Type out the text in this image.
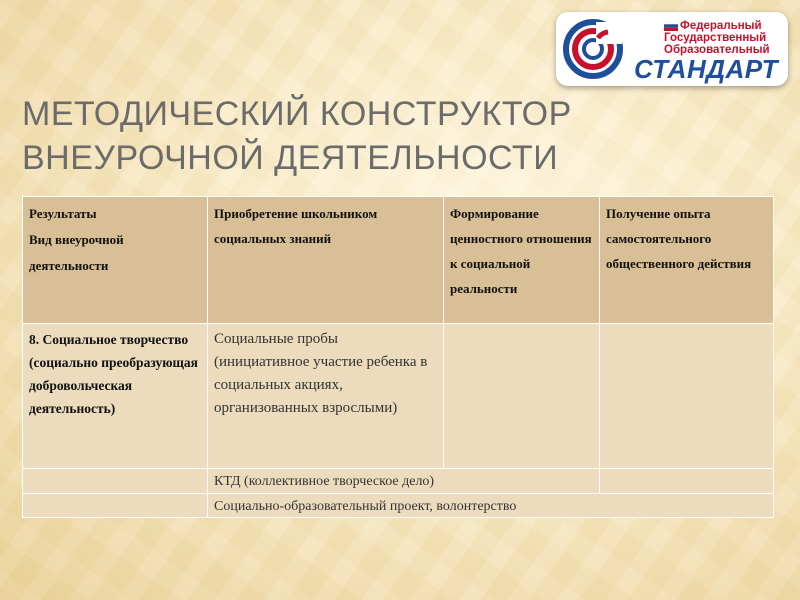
Федеральный
Государственный
Образовательный
СТАНДАРТ
МЕТОДИЧЕСКИЙ КОНСТРУКТОР
ВНЕУРОЧНОЙ ДЕЯТЕЛЬНОСТИ
Результаты
Вид внеурочной
деятельности	Приобретение школьником социальных знаний	Формирование ценностного отношения к социальной реальности	Получение опыта самостоятельного общественного действия
8. Социальное творчество (социально преобразующая добровольческая деятельность)	Социальные пробы (инициативное участие ребенка в социальных акциях, организованных взрослыми)		
	КТД (коллективное творческое дело)		
	Социально-образовательный проект, волонтерство		
